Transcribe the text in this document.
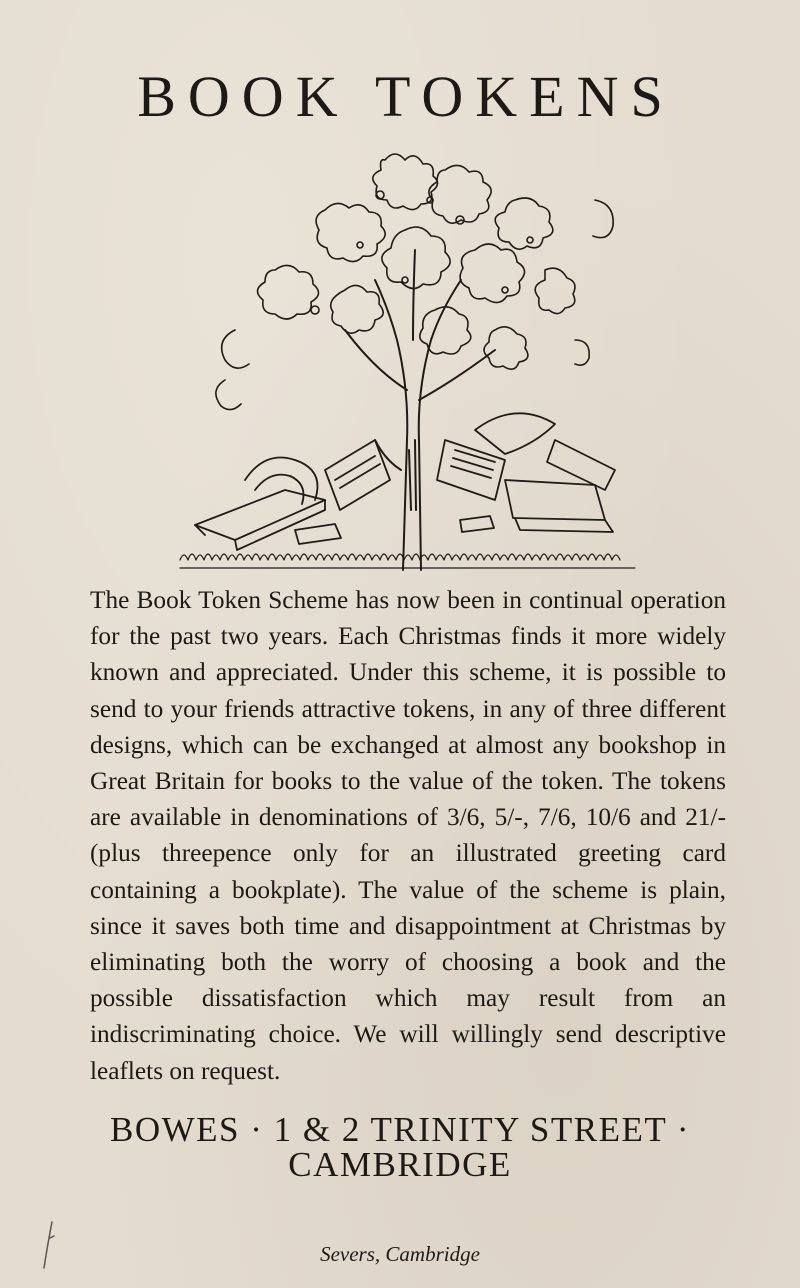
BOOK TOKENS

The Book Token Scheme has now been in continual operation for the past two years. Each Christmas finds it more widely known and appreciated. Under this scheme, it is possible to send to your friends attractive tokens, in any of three different designs, which can be exchanged at almost any bookshop in Great Britain for books to the value of the token. The tokens are available in denominations of 3/6, 5/-, 7/6, 10/6 and 21/- (plus threepence only for an illustrated greeting card containing a bookplate). The value of the scheme is plain, since it saves both time and disappointment at Christmas by eliminating both the worry of choosing a book and the possible dissatisfaction which may result from an indiscriminating choice. We will willingly send descriptive leaflets on request.

BOWES · 1 & 2 TRINITY STREET · CAMBRIDGE

Severs, Cambridge
